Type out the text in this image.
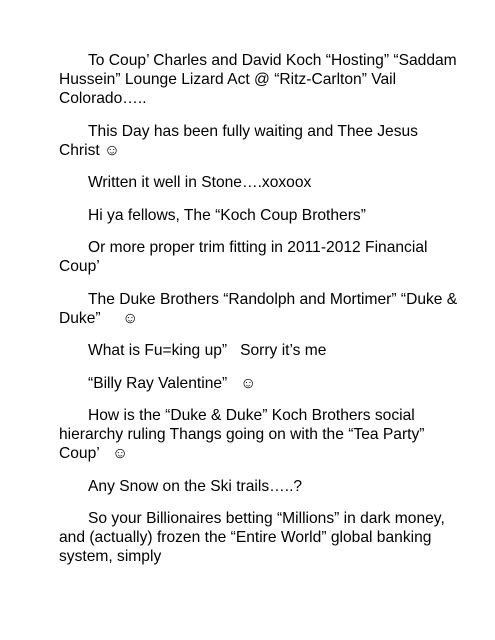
To Coup’ Charles and David Koch “Hosting” “Saddam Hussein” Lounge Lizard Act @ “Ritz-Carlton” Vail Colorado…..

This Day has been fully waiting and Thee Jesus Christ ☺

Written it well in Stone….xoxoox

Hi ya fellows, The “Koch Coup Brothers”

Or more proper trim fitting in 2011-2012 Financial Coup’

The Duke Brothers “Randolph and Mortimer” “Duke & Duke”     ☺

What is Fu=king up”   Sorry it’s me

“Billy Ray Valentine”   ☺

How is the “Duke & Duke” Koch Brothers social hierarchy ruling Thangs going on with the “Tea Party” Coup’   ☺

Any Snow on the Ski trails…..?

So your Billionaires betting “Millions” in dark money, and (actually) frozen the “Entire World” global banking system, simply
